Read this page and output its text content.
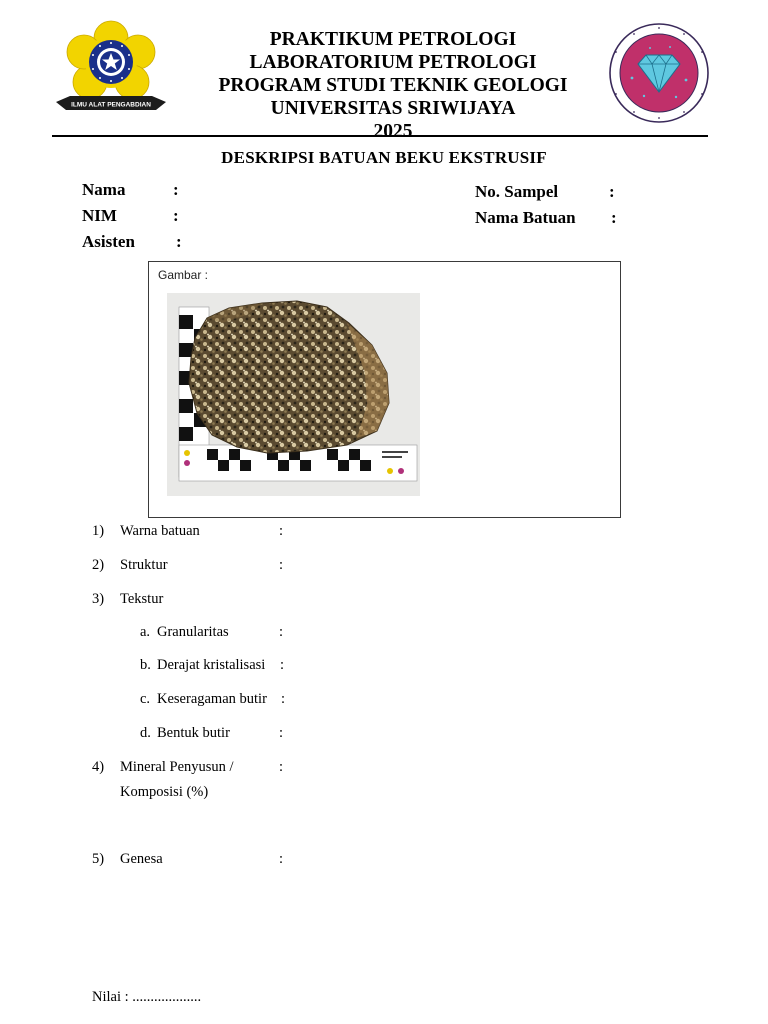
ILMU ALAT PENGABDIAN
PRAKTIKUM PETROLOGI
LABORATORIUM PETROLOGI
PROGRAM STUDI TEKNIK GEOLOGI
UNIVERSITAS SRIWIJAYA
2025
DESKRIPSI BATUAN BEKU EKSTRUSIF
Nama	:
NIM	:
Asisten :
No. Sampel	:
Nama Batuan :
Gambar :
1) Warna batuan	:
2) Struktur	:
3) Tekstur
a. Granularitas	:
b. Derajat kristalisasi :
c. Keseragaman butir :
d. Bentuk butir	:
4) Mineral Penyusun /
Komposisi (%)
:
5) Genesa	:
Nilai : ...................
